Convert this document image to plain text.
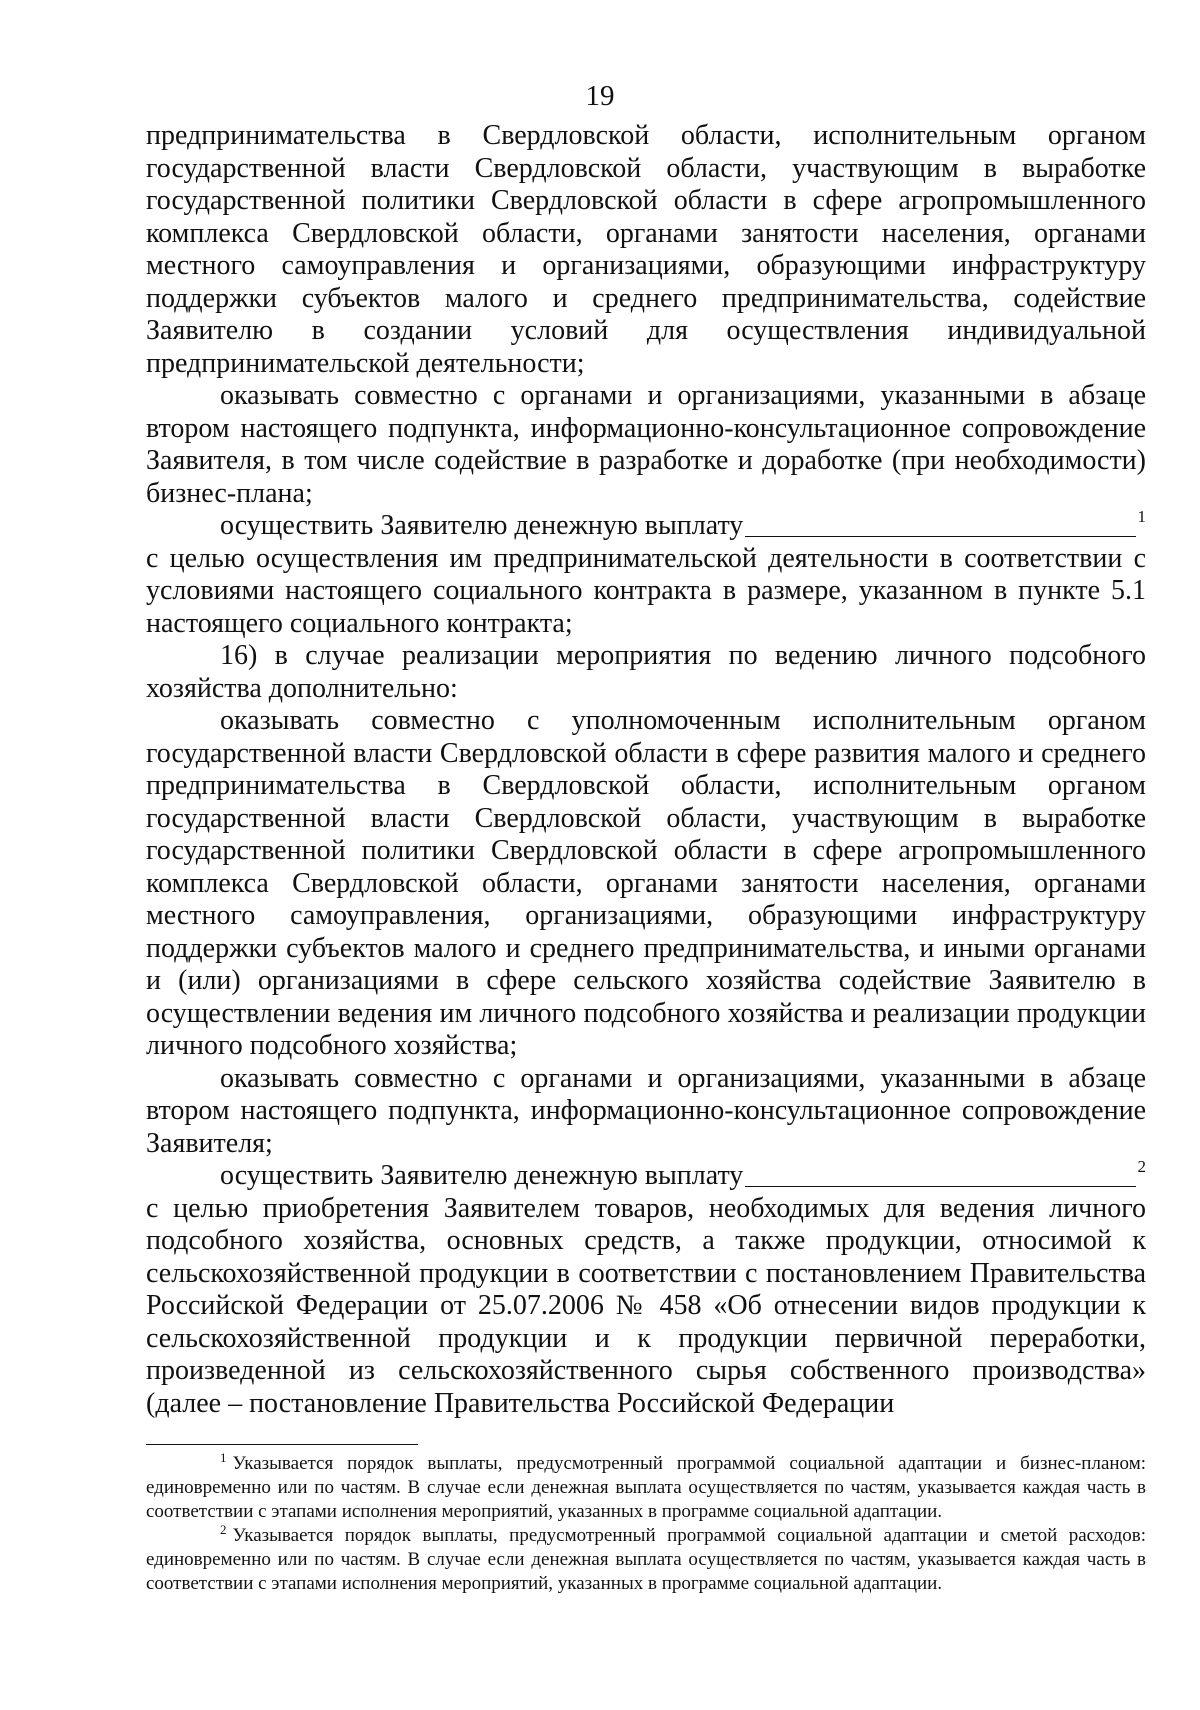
19

предпринимательства в Свердловской области, исполнительным органом государственной власти Свердловской области, участвующим в выработке государственной политики Свердловской области в сфере агропромышленного комплекса Свердловской области, органами занятости населения, органами местного самоуправления и организациями, образующими инфраструктуру поддержки субъектов малого и среднего предпринимательства, содействие Заявителю в создании условий для осуществления индивидуальной предпринимательской деятельности;

оказывать совместно с органами и организациями, указанными в абзаце втором настоящего подпункта, информационно-консультационное сопровождение Заявителя, в том числе содействие в разработке и доработке (при необходимости) бизнес-плана;

осуществить Заявителю денежную выплату	1

с целью осуществления им предпринимательской деятельности в соответствии с условиями настоящего социального контракта в размере, указанном в пункте 5.1 настоящего социального контракта;

16) в случае реализации мероприятия по ведению личного подсобного хозяйства дополнительно:

оказывать совместно с уполномоченным исполнительным органом государственной власти Свердловской области в сфере развития малого и среднего предпринимательства в Свердловской области, исполнительным органом государственной власти Свердловской области, участвующим в выработке государственной политики Свердловской области в сфере агропромышленного комплекса Свердловской области, органами занятости населения, органами местного самоуправления, организациями, образующими инфраструктуру поддержки субъектов малого и среднего предпринимательства, и иными органами и (или) организациями в сфере сельского хозяйства содействие Заявителю в осуществлении ведения им личного подсобного хозяйства и реализации продукции личного подсобного хозяйства;

оказывать совместно с органами и организациями, указанными в абзаце втором настоящего подпункта, информационно-консультационное сопровождение Заявителя;

осуществить Заявителю денежную выплату	2

с целью приобретения Заявителем товаров, необходимых для ведения личного подсобного хозяйства, основных средств, а также продукции, относимой к сельскохозяйственной продукции в соответствии с постановлением Правительства Российской Федерации от 25.07.2006 № 458 «Об отнесении видов продукции к сельскохозяйственной продукции и к продукции первичной переработки, произведенной из сельскохозяйственного сырья собственного производства» (далее – постановление Правительства Российской Федерации

$^1$ Указывается порядок выплаты, предусмотренный программой социальной адаптации и бизнес-планом: единовременно или по частям. В случае если денежная выплата осуществляется по частям, указывается каждая часть в соответствии с этапами исполнения мероприятий, указанных в программе социальной адаптации.

$^2$ Указывается порядок выплаты, предусмотренный программой социальной адаптации и сметой расходов: единовременно или по частям. В случае если денежная выплата осуществляется по частям, указывается каждая часть в соответствии с этапами исполнения мероприятий, указанных в программе социальной адаптации.
